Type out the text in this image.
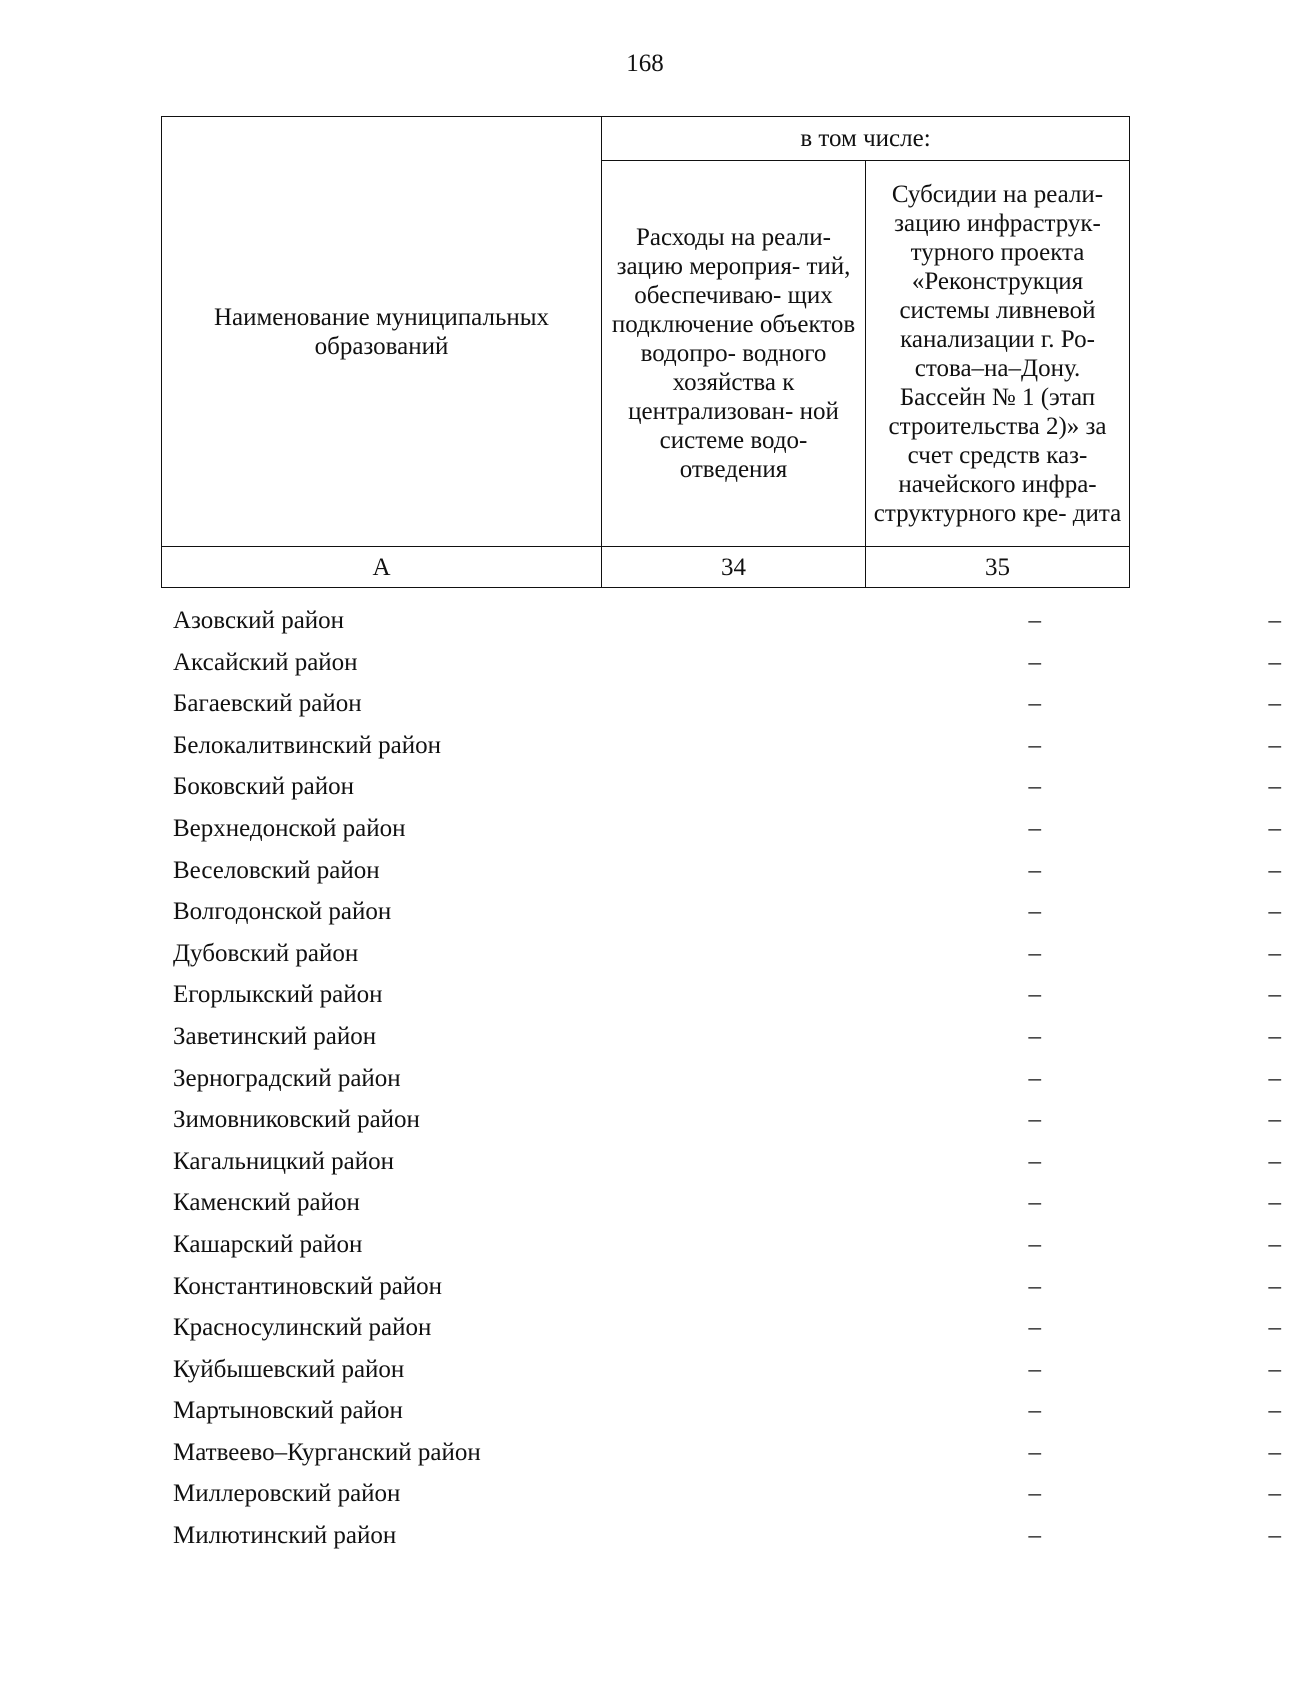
168
Наименование муниципальных образований	в том числе:	
	Расходы на реали- зацию мероприя- тий, обеспечиваю- щих подключение объектов водопро- водного хозяйства к централизован- ной системе водо- отведения	Субсидии на реали- зацию инфраструк- турного проекта «Реконструкция системы ливневой канализации г. Ро- стова–на–Дону. Бассейн № 1 (этап строительства 2)» за счет средств каз- начейского инфра- структурного кре- дита
А	34	35
Азовский район	–	–
Аксайский район	–	–
Багаевский район	–	–
Белокалитвинский район	–	–
Боковский район	–	–
Верхнедонской район	–	–
Веселовский район	–	–
Волгодонской район	–	–
Дубовский район	–	–
Егорлыкский район	–	–
Заветинский район	–	–
Зерноградский район	–	–
Зимовниковский район	–	–
Кагальницкий район	–	–
Каменский район	–	–
Кашарский район	–	–
Константиновский район	–	–
Красносулинский район	–	–
Куйбышевский район	–	–
Мартыновский район	–	–
Матвеево–Курганский район	–	–
Миллеровский район	–	–
Милютинский район	–	–
